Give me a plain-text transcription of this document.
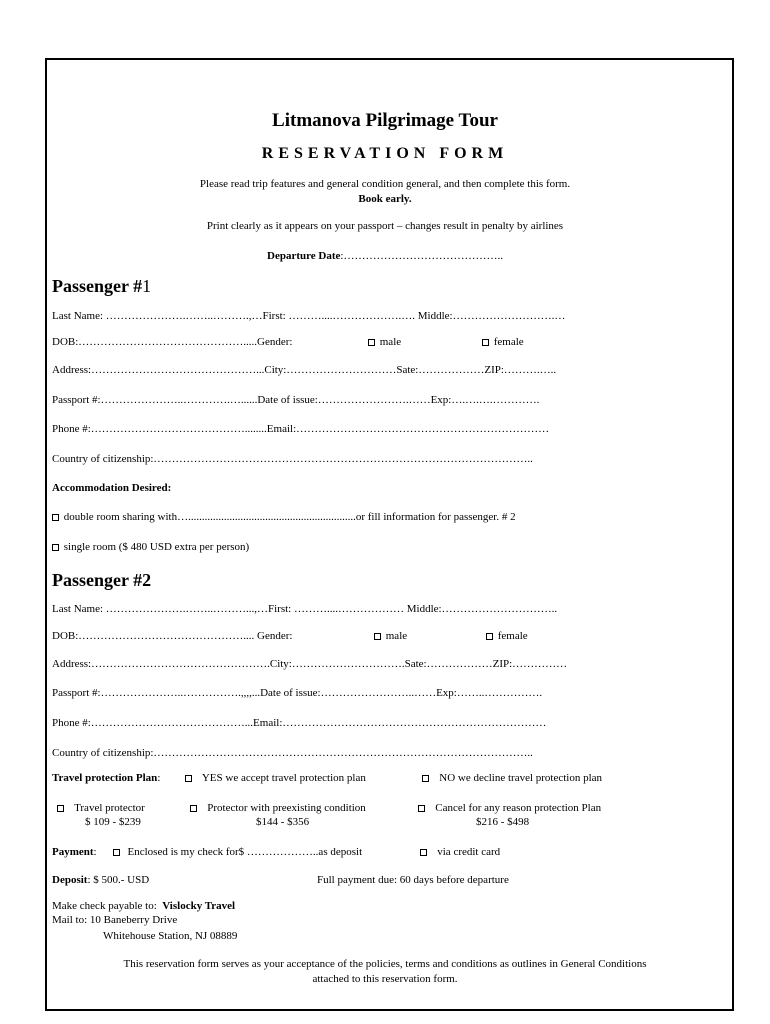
Litmanova Pilgrimage Tour
RESERVATION FORM
Please read trip features and general condition general, and then complete this form.
Book early.
Print clearly as it appears on your passport – changes result in penalty by airlines
Departure Date:……………………………………..
Passenger #1
Last Name: ………………….……..……….,…First: ………....……………….…. Middle:……………………….…
DOB:……………………………………….....Gender:	male	female
Address:………………………………………...City:…………………………Sate:………………ZIP:……….…..
Passport #:…………………..………….…......Date of issue:…………………….……Exp:….….….………….
Phone #:……………………………………........Email:……………………………………………………………
Country of citizenship:…………………………………………………………………………………………..
Accommodation Desired:
double room sharing with….............................................................or fill information for passenger. # 2
single room ($ 480 USD extra per person)
Passenger #2
Last Name: ………………….……..………...,…First: ………....……………… Middle:…………………………..
DOB:……………………………………….... Gender:	male	female
Address:………………………………………….City:………………………….Sate:………………ZIP:……………
Passport #:…………………..…………….,,,,...Date of issue:……………………..……Exp:……..…………….
Phone #:……………………………………...Email:………………………………………………………………
Country of citizenship:…………………………………………………………………………………………..
Travel protection Plan:	YES we accept travel protection plan	NO we decline travel protection plan
Travel protector
$ 109 - $239
Protector with preexisting condition
$144 - $356
Cancel for any reason protection Plan
$216 - $498
Payment:	Enclosed is my check for$ ………………..as deposit	via credit card
Deposit: $ 500.- USD	Full payment due: 60 days before departure
Make check payable to: Vislocky Travel
Mail to: 10 Baneberry Drive
Whitehouse Station, NJ 08889
This reservation form serves as your acceptance of the policies, terms and conditions as outlines in General Conditions
attached to this reservation form.
